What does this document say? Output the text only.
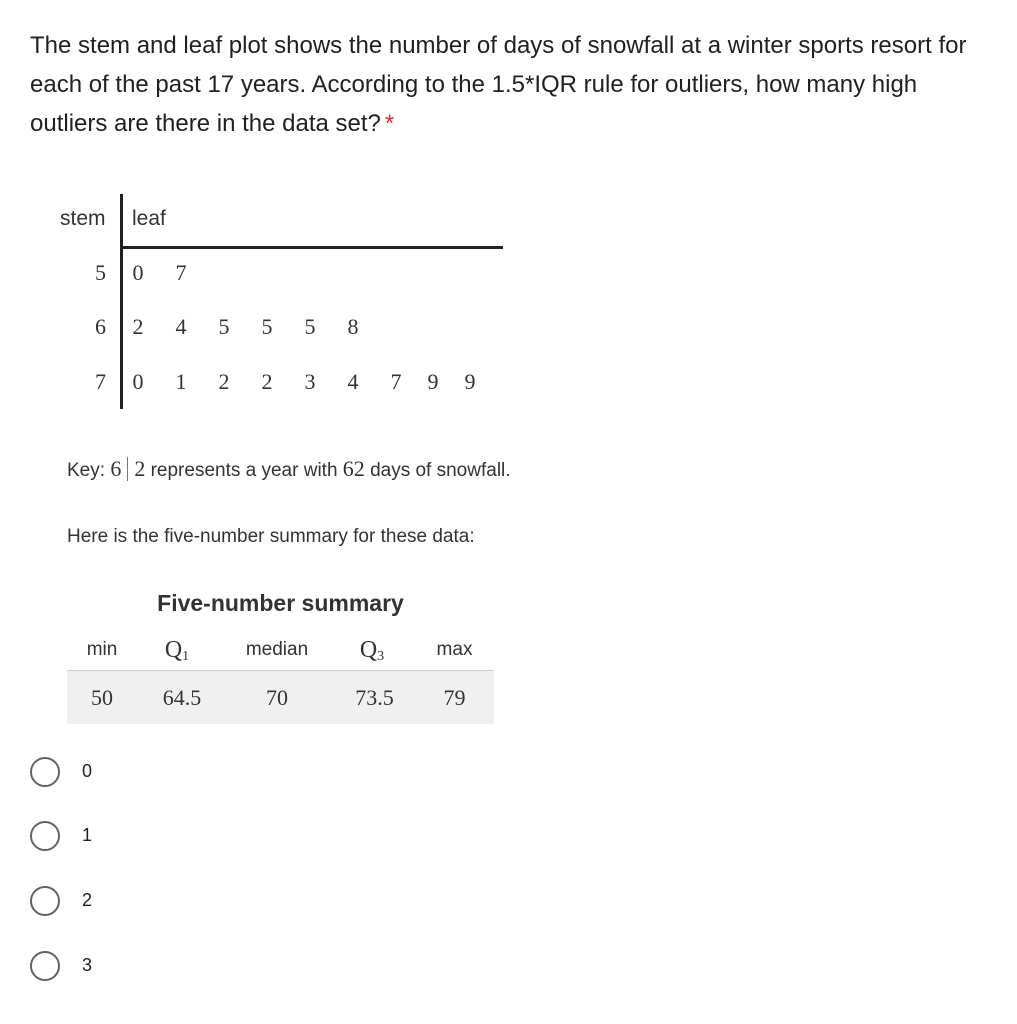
The stem and leaf plot shows the number of days of snowfall at a winter sports resort for each of the past 17 years. According to the 1.5*IQR rule for outliers, how many high outliers are there in the data set? *
stem leaf
5 0 7
6 2 4 5 5 5 8
7 0 1 2 2 3 4 7 9 9
Key: 6 2 represents a year with 62 days of snowfall.
Here is the five-number summary for these data:
Five-number summary
min	$Q_1$	median	$Q_3$	max
50	64.5	70	73.5	79
0
1
2
3
